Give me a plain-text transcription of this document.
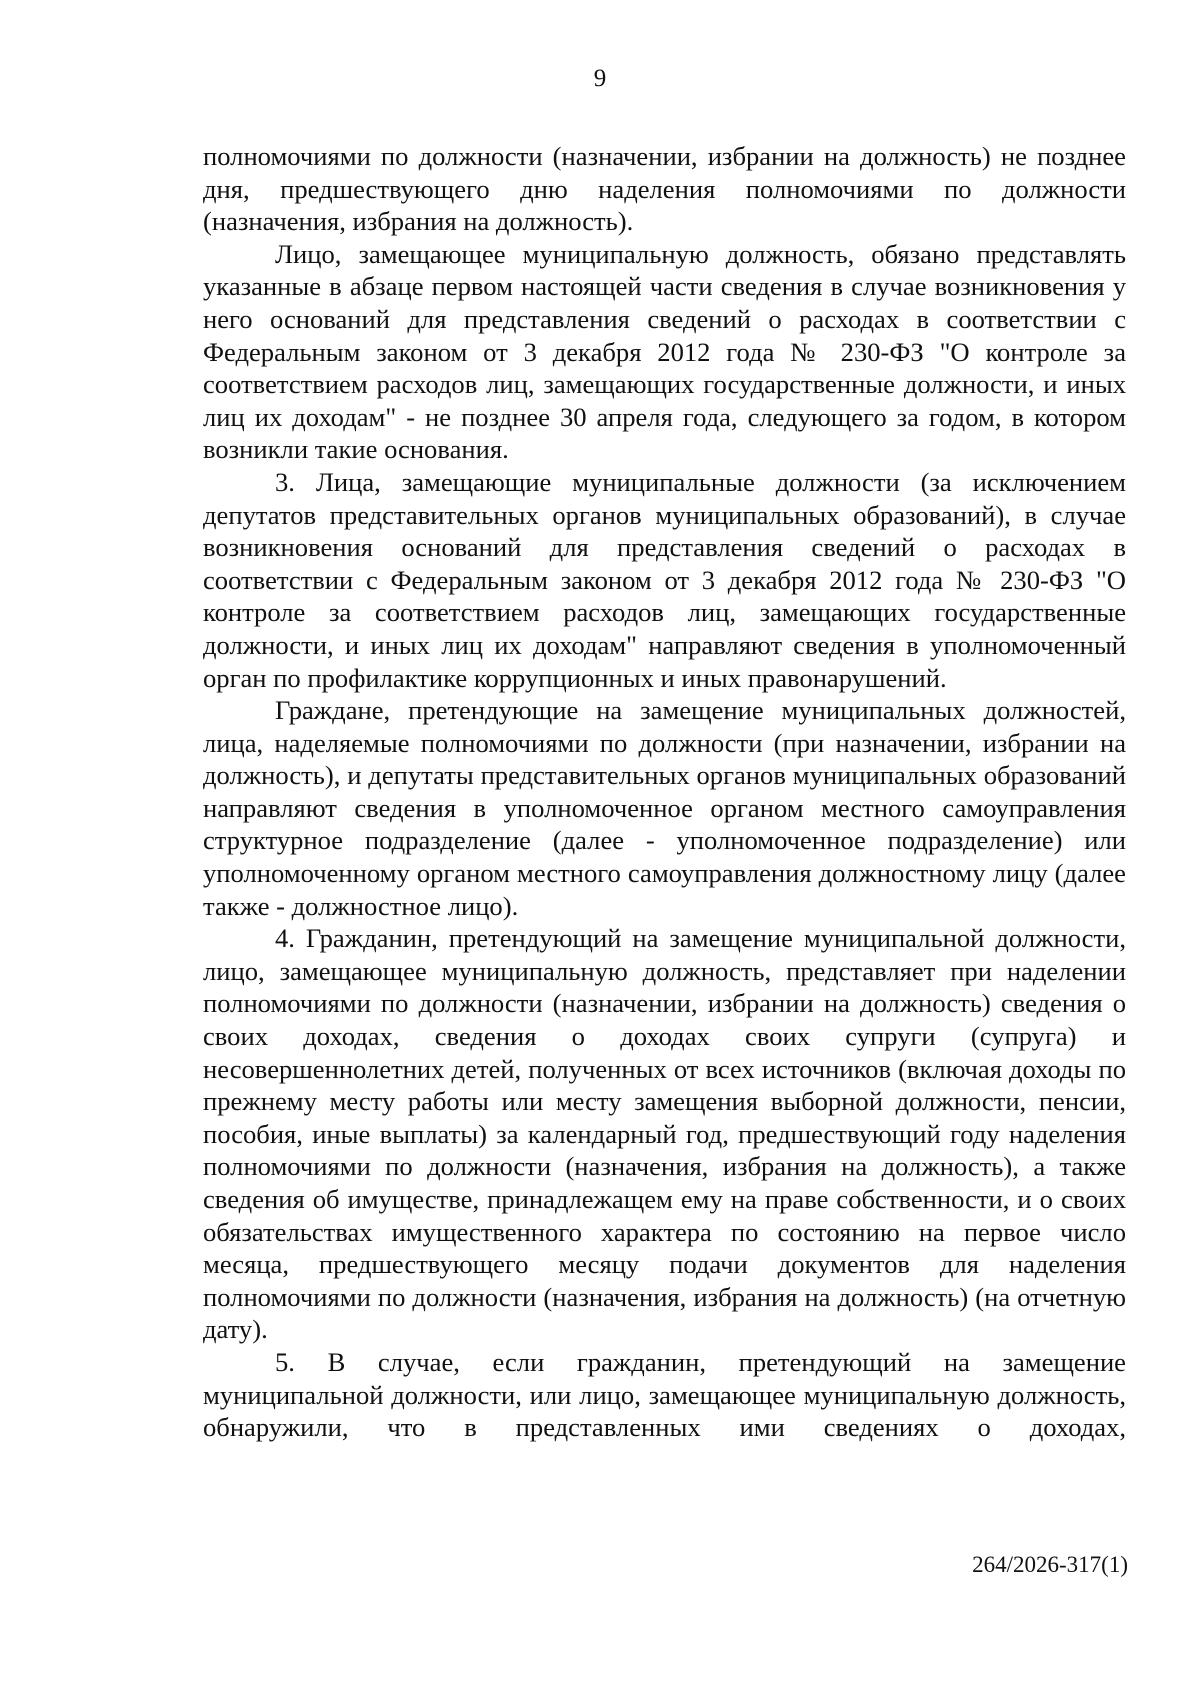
9

полномочиями по должности (назначении, избрании на должность) не позднее дня, предшествующего дню наделения полномочиями по должности (назначения, избрания на должность).

Лицо, замещающее муниципальную должность, обязано представлять указанные в абзаце первом настоящей части сведения в случае возникновения у него оснований для представления сведений о расходах в соответствии с Федеральным законом от 3 декабря 2012 года № 230-ФЗ "О контроле за соответствием расходов лиц, замещающих государственные должности, и иных лиц их доходам" - не позднее 30 апреля года, следующего за годом, в котором возникли такие основания.

3. Лица, замещающие муниципальные должности (за исключением депутатов представительных органов муниципальных образований), в случае возникновения оснований для представления сведений о расходах в соответствии с Федеральным законом от 3 декабря 2012 года № 230-ФЗ "О контроле за соответствием расходов лиц, замещающих государственные должности, и иных лиц их доходам" направляют сведения в уполномоченный орган по профилактике коррупционных и иных правонарушений.

Граждане, претендующие на замещение муниципальных должностей, лица, наделяемые полномочиями по должности (при назначении, избрании на должность), и депутаты представительных органов муниципальных образований направляют сведения в уполномоченное органом местного самоуправления структурное подразделение (далее - уполномоченное подразделение) или уполномоченному органом местного самоуправления должностному лицу (далее также - должностное лицо).

4. Гражданин, претендующий на замещение муниципальной должности, лицо, замещающее муниципальную должность, представляет при наделении полномочиями по должности (назначении, избрании на должность) сведения о своих доходах, сведения о доходах своих супруги (супруга) и несовершеннолетних детей, полученных от всех источников (включая доходы по прежнему месту работы или месту замещения выборной должности, пенсии, пособия, иные выплаты) за календарный год, предшествующий году наделения полномочиями по должности (назначения, избрания на должность), а также сведения об имуществе, принадлежащем ему на праве собственности, и о своих обязательствах имущественного характера по состоянию на первое число месяца, предшествующего месяцу подачи документов для наделения полномочиями по должности (назначения, избрания на должность) (на отчетную дату).

5. В случае, если гражданин, претендующий на замещение муниципальной должности, или лицо, замещающее муниципальную должность, обнаружили, что в представленных ими сведениях о доходах,

264/2026-317(1)
